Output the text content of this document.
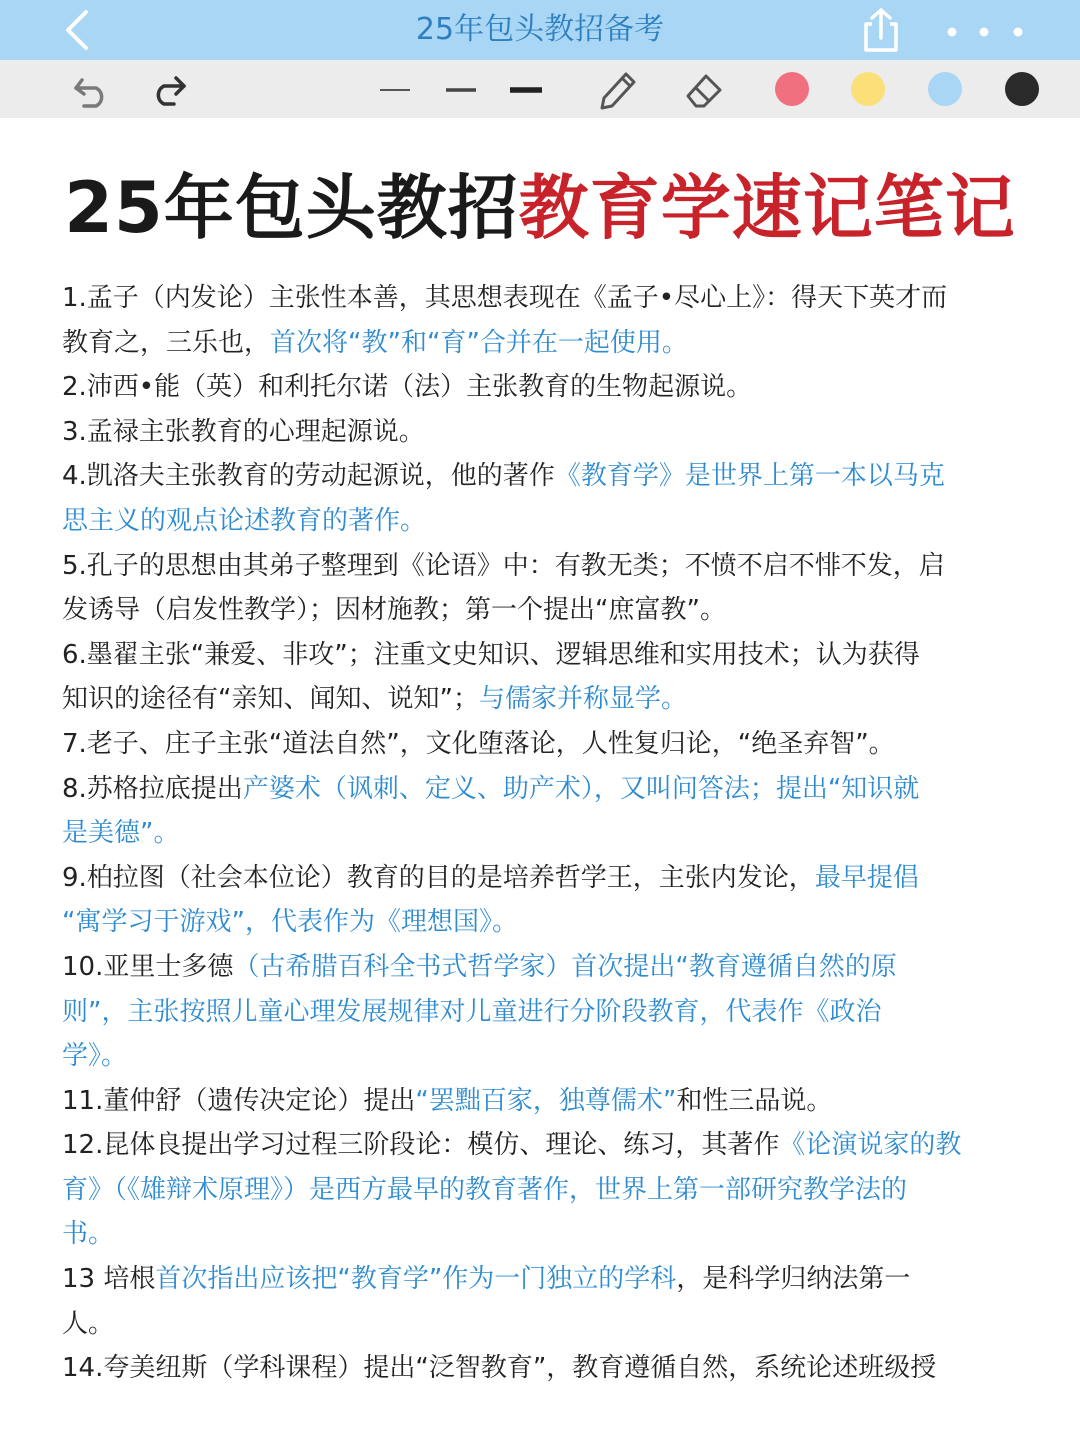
25年包头教招备考
25年包头教招教育学速记笔记
1.孟子（内发论）主张性本善，其思想表现在《孟子•尽心上》：得天下英才而
教育之，三乐也，首次将“教”和“育”合并在一起使用。
2.沛西•能（英）和利托尔诺（法）主张教育的生物起源说。
3.孟禄主张教育的心理起源说。
4.凯洛夫主张教育的劳动起源说，他的著作《教育学》是世界上第一本以马克
思主义的观点论述教育的著作。
5.孔子的思想由其弟子整理到《论语》中：有教无类；不愤不启不悱不发，启
发诱导（启发性教学）；因材施教；第一个提出“庶富教”。
6.墨翟主张“兼爱、非攻”；注重文史知识、逻辑思维和实用技术；认为获得
知识的途径有“亲知、闻知、说知”；与儒家并称显学。
7.老子、庄子主张“道法自然”，文化堕落论，人性复归论，“绝圣弃智”。
8.苏格拉底提出产婆术（讽刺、定义、助产术），又叫问答法；提出“知识就
是美德”。
9.柏拉图（社会本位论）教育的目的是培养哲学王，主张内发论，最早提倡
“寓学习于游戏”，代表作为《理想国》。
10.亚里士多德（古希腊百科全书式哲学家）首次提出“教育遵循自然的原
则”，主张按照儿童心理发展规律对儿童进行分阶段教育，代表作《政治
学》。
11.董仲舒（遗传决定论）提出“罢黜百家，独尊儒术”和性三品说。
12.昆体良提出学习过程三阶段论：模仿、理论、练习，其著作《论演说家的教
育》（《雄辩术原理》）是西方最早的教育著作，世界上第一部研究教学法的
书。
13 培根首次指出应该把“教育学”作为一门独立的学科，是科学归纳法第一
人。
14.夸美纽斯（学科课程）提出“泛智教育”，教育遵循自然，系统论述班级授
